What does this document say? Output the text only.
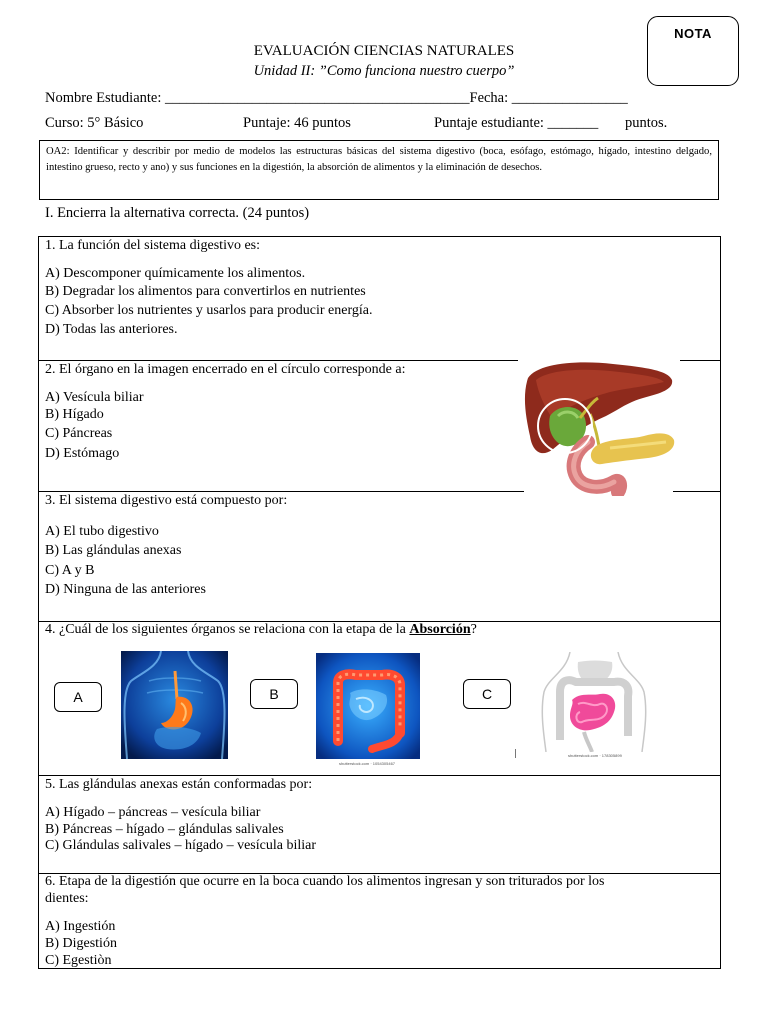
NOTA
EVALUACIÓN CIENCIAS NATURALES
Unidad II: ”Como funciona nuestro cuerpo”
Nombre Estudiante: __________________________________________Fecha: ________________
Curso: 5° Básico	Puntaje: 46 puntos	Puntaje estudiante: _______ puntos.
OA2: Identificar y describir por medio de modelos las estructuras básicas del sistema digestivo (boca, esófago, estómago, hígado, intestino delgado, intestino grueso, recto y ano) y sus funciones en la digestión, la absorción de alimentos y la eliminación de desechos.
I. Encierra la alternativa correcta. (24 puntos)
1. La función del sistema digestivo es:
A) Descomponer químicamente los alimentos.
B) Degradar los alimentos para convertirlos en nutrientes
C) Absorber los nutrientes y usarlos para producir energía.
D) Todas las anteriores.
2. El órgano en la imagen encerrado en el círculo corresponde a:
A) Vesícula biliar
B) Hígado
C) Páncreas
D) Estómago
3. El sistema digestivo está compuesto por:
A) El tubo digestivo
B) Las glándulas anexas
C) A y B
D) Ninguna de las anteriores
4. ¿Cuál de los siguientes órganos se relaciona con la etapa de la Absorción?
A	B	C
shutterstock.com · 1054305467
shutterstock.com · 178305899
5. Las glándulas anexas están conformadas por:
A) Hígado – páncreas – vesícula biliar
B) Páncreas – hígado – glándulas salivales
C) Glándulas salivales – hígado – vesícula biliar
6. Etapa de la digestión que ocurre en la boca cuando los alimentos ingresan y son triturados por los
dientes:
A) Ingestión
B) Digestión
C) Egestiòn
